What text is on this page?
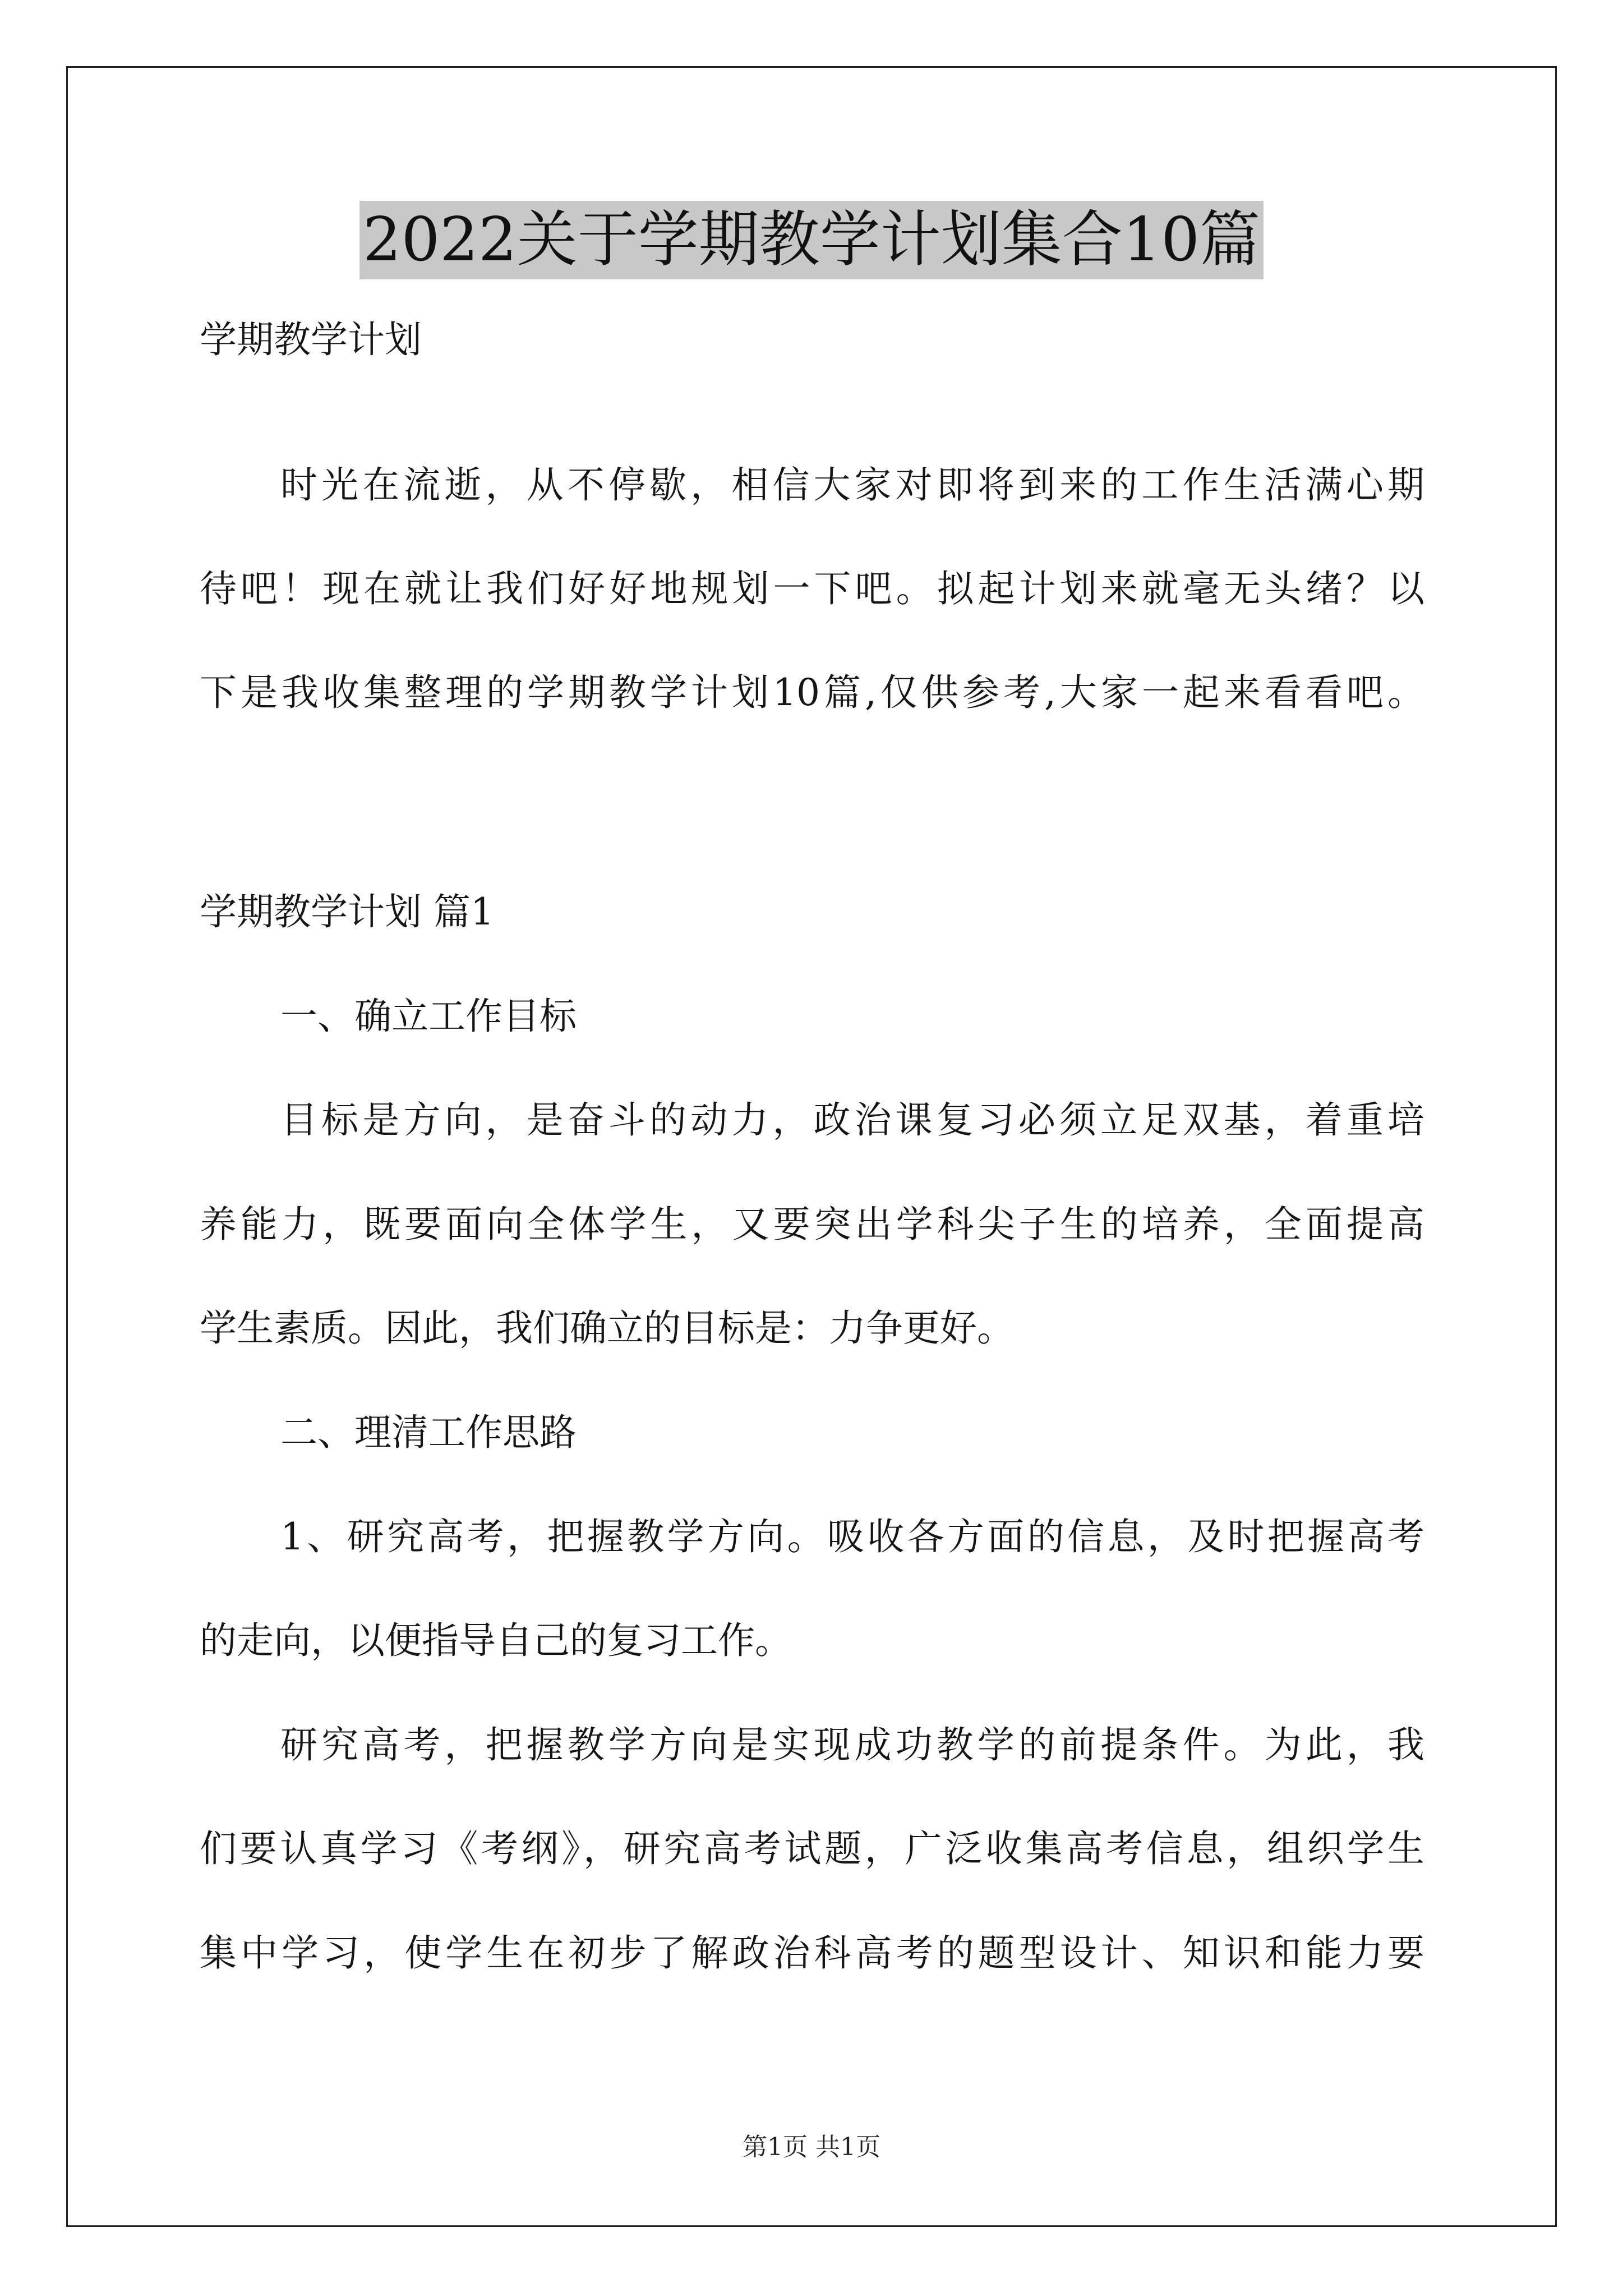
2022关于学期教学计划集合10篇
学期教学计划
时光在流逝，从不停歇，相信大家对即将到来的工作生活满心期
待吧！现在就让我们好好地规划一下吧。拟起计划来就毫无头绪？以
下是我收集整理的学期教学计划10篇,仅供参考,大家一起来看看吧。
学期教学计划 篇1
一、确立工作目标
目标是方向，是奋斗的动力，政治课复习必须立足双基，着重培
养能力，既要面向全体学生，又要突出学科尖子生的培养，全面提高
学生素质。因此，我们确立的目标是：力争更好。
二、理清工作思路
1、研究高考，把握教学方向。吸收各方面的信息，及时把握高考
的走向，以便指导自己的复习工作。
研究高考，把握教学方向是实现成功教学的前提条件。为此，我
们要认真学习《考纲》，研究高考试题，广泛收集高考信息，组织学生
集中学习，使学生在初步了解政治科高考的题型设计、知识和能力要
第1页 共1页
